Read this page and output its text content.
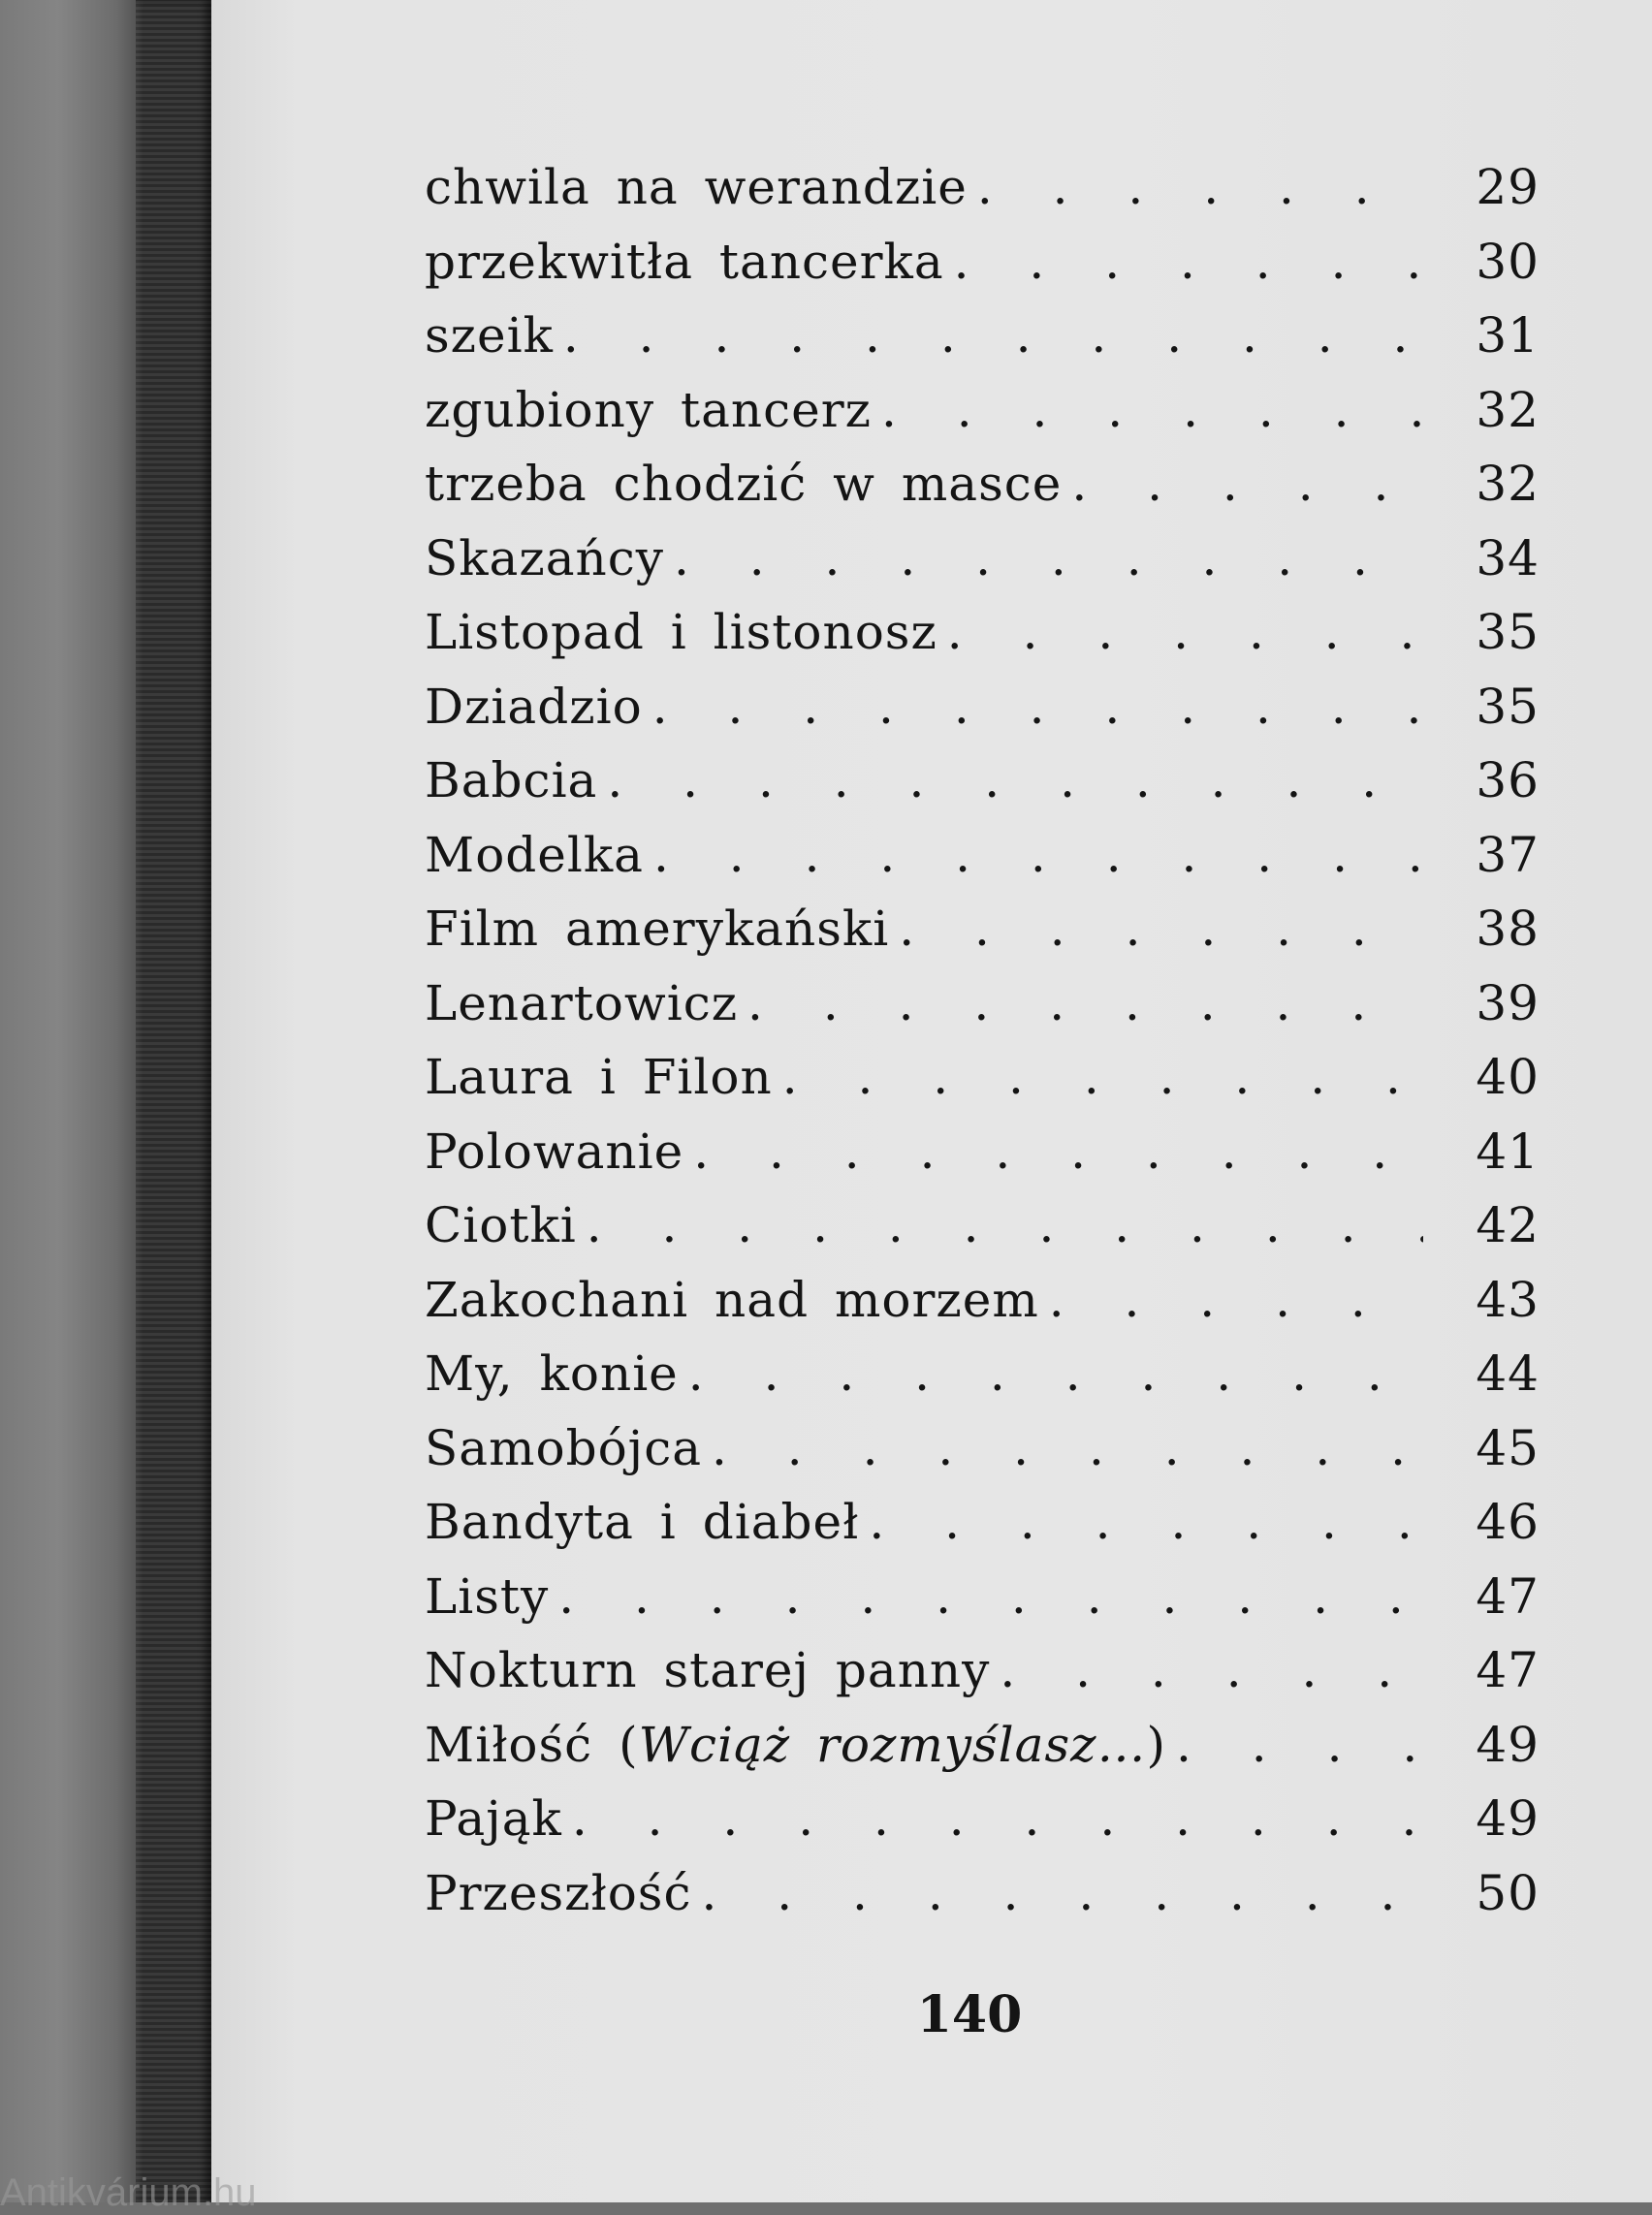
chwila na werandzie . . .	29
przekwitła tancerka . . .	30
szeik . . .	31
zgubiony tancerz . . .	32
trzeba chodzić w masce . . .	32
Skazańcy . . .	34
Listopad i listonosz . . .	35
Dziadzio . . .	35
Babcia . . .	36
Modelka . . .	37
Film amerykański . . .	38
Lenartowicz . . .	39
Laura i Filon . . .	40
Polowanie . . .	41
Ciotki . . .	42
Zakochani nad morzem . . .	43
My, konie . . .	44
Samobójca . . .	45
Bandyta i diabeł . . .	46
Listy . . .	47
Nokturn starej panny . . .	47
Miłość (Wciąż rozmyślasz…) . . .	49
Pająk . . .	49
Przeszłość . . .	50
140
Antikvárium.hu
